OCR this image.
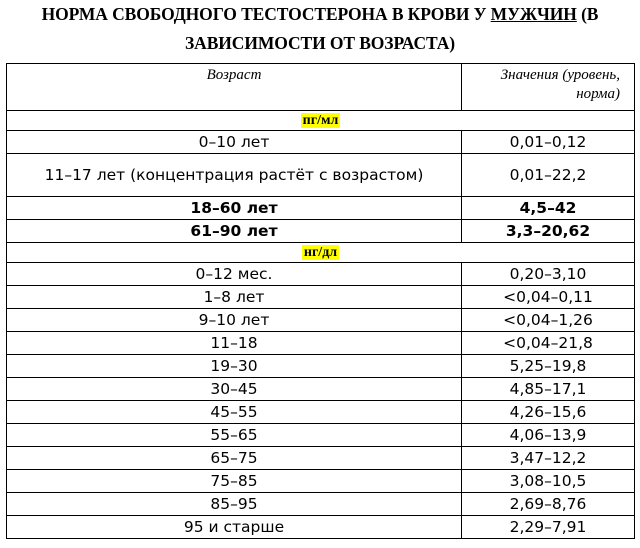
НОРМА СВОБОДНОГО ТЕСТОСТЕРОНА В КРОВИ У МУЖЧИН (В
ЗАВИСИМОСТИ ОТ ВОЗРАСТА)
Возраст	Значения (уровень, норма)
пг/мл	
0–10 лет	0,01–0,12
11–17 лет (концентрация растёт с возрастом)	0,01–22,2
18–60 лет	4,5–42
61–90 лет	3,3–20,62
нг/дл	
0–12 мес.	0,20–3,10
1–8 лет	<0,04–0,11
9–10 лет	<0,04–1,26
11–18	<0,04–21,8
19–30	5,25–19,8
30–45	4,85–17,1
45–55	4,26–15,6
55–65	4,06–13,9
65–75	3,47–12,2
75–85	3,08–10,5
85–95	2,69–8,76
95 и старше	2,29–7,91
